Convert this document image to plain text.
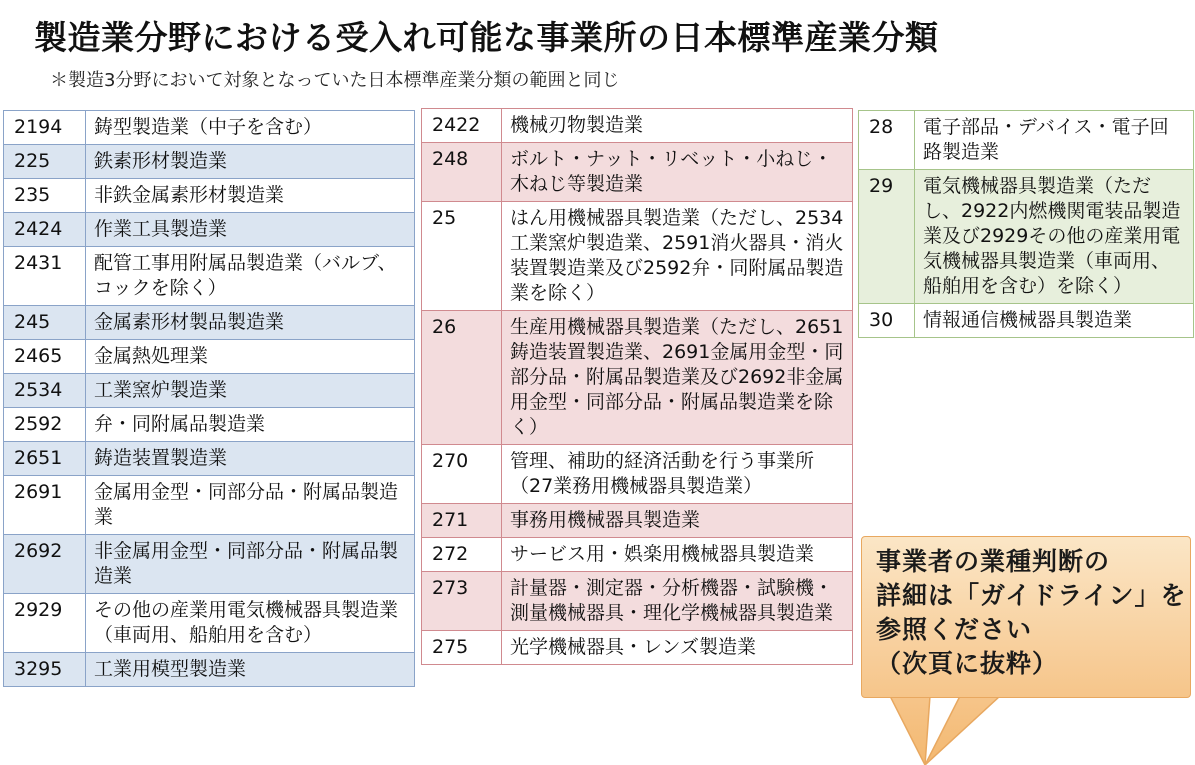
製造業分野における受入れ可能な事業所の日本標準産業分類
＊製造3分野において対象となっていた日本標準産業分類の範囲と同じ
2194	鋳型製造業（中子を含む）
225	鉄素形材製造業
235	非鉄金属素形材製造業
2424	作業工具製造業
2431	配管工事用附属品製造業（バルブ、コックを除く）
245	金属素形材製品製造業
2465	金属熱処理業
2534	工業窯炉製造業
2592	弁・同附属品製造業
2651	鋳造装置製造業
2691	金属用金型・同部分品・附属品製造業
2692	非金属用金型・同部分品・附属品製造業
2929	その他の産業用電気機械器具製造業（車両用、船舶用を含む）
3295	工業用模型製造業
2422	機械刃物製造業
248	ボルト・ナット・リベット・小ねじ・木ねじ等製造業
25	はん用機械器具製造業（ただし、2534工業窯炉製造業、2591消火器具・消火装置製造業及び2592弁・同附属品製造業を除く）
26	生産用機械器具製造業（ただし、2651鋳造装置製造業、2691金属用金型・同部分品・附属品製造業及び2692非金属用金型・同部分品・附属品製造業を除く）
270	管理、補助的経済活動を行う事業所（27業務用機械器具製造業）
271	事務用機械器具製造業
272	サービス用・娯楽用機械器具製造業
273	計量器・測定器・分析機器・試験機・測量機械器具・理化学機械器具製造業
275	光学機械器具・レンズ製造業
28	電子部品・デバイス・電子回路製造業
29	電気機械器具製造業（ただし、2922内燃機関電装品製造業及び2929その他の産業用電気機械器具製造業（車両用、船舶用を含む）を除く）
30	情報通信機械器具製造業
事業者の業種判断の
詳細は「ガイドライン」を
参照ください
（次頁に抜粋）
